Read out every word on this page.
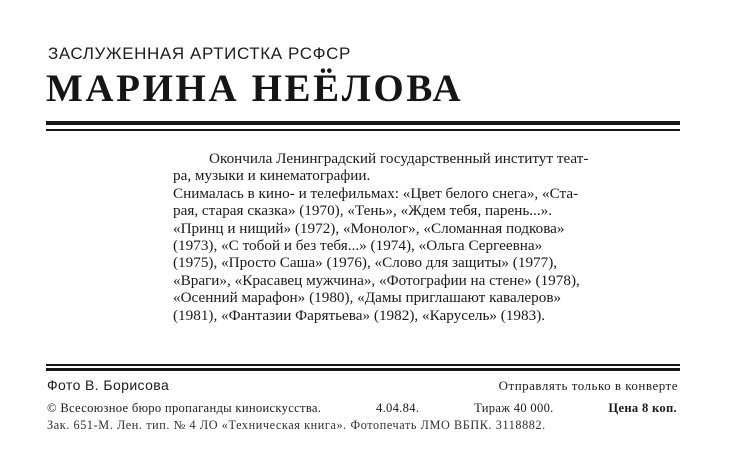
ЗАСЛУЖЕННАЯ АРТИСТКА РСФСР
МАРИНА НЕЁЛОВА
Окончила Ленинградский государственный институт теат-
ра, музыки и кинематографии.
Снималась в кино- и телефильмах: «Цвет белого снега», «Ста-
рая, старая сказка» (1970), «Тень», «Ждем тебя, парень...».
«Принц и нищий» (1972), «Монолог», «Сломанная подкова»
(1973), «С тобой и без тебя...» (1974), «Ольга Сергеевна»
(1975), «Просто Саша» (1976), «Слово для защиты» (1977),
«Враги», «Красавец мужчина», «Фотографии на стене» (1978),
«Осенний марафон» (1980), «Дамы приглашают кавалеров»
(1981), «Фантазии Фарятьева» (1982), «Карусель» (1983).
Фото В. Борисова	Отправлять только в конверте
© Всесоюзное бюро пропаганды киноискусства.	4.04.84.	Тираж 40 000.	Цена 8 коп.
Зак. 651-М. Лен. тип. № 4 ЛО «Техническая книга». Фотопечать ЛМО ВБПК. 3118882.
